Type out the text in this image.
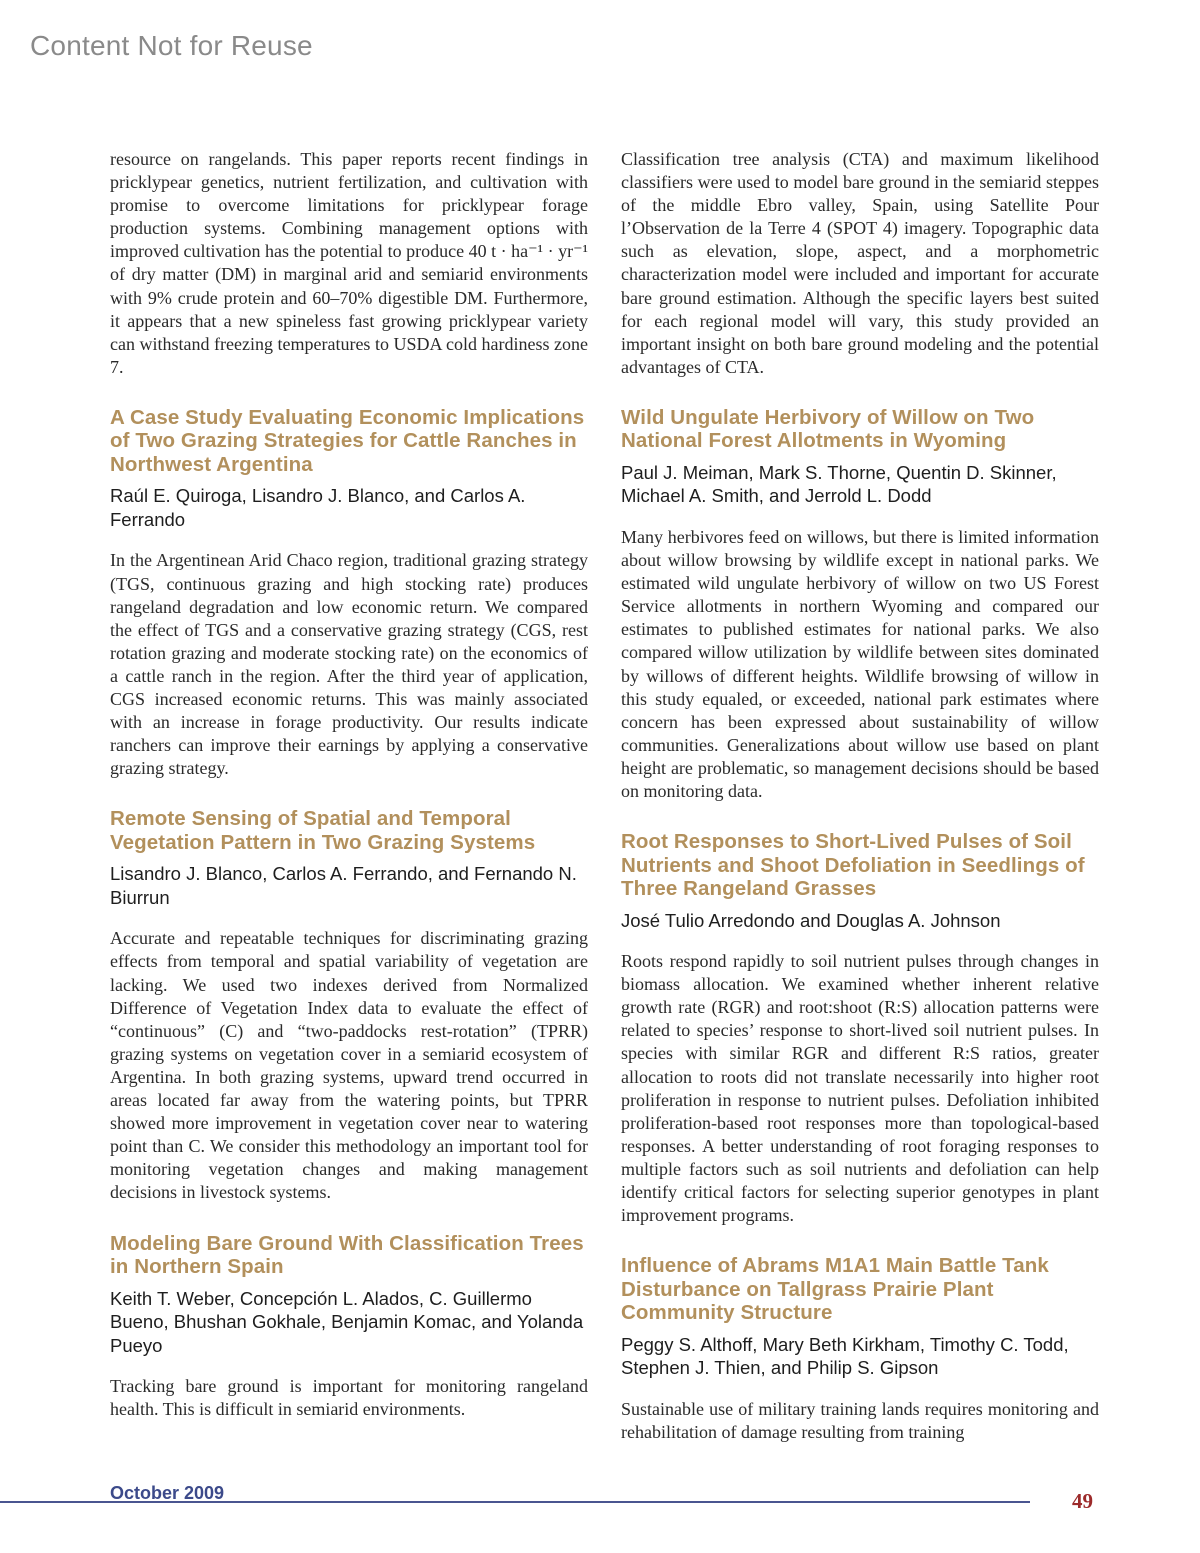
Content Not for Reuse

resource on rangelands. This paper reports recent findings in pricklypear genetics, nutrient fertilization, and cultivation with promise to overcome limitations for pricklypear forage production systems. Combining management options with improved cultivation has the potential to produce 40 t · ha⁻¹ · yr⁻¹ of dry matter (DM) in marginal arid and semiarid environments with 9% crude protein and 60–70% digestible DM. Furthermore, it appears that a new spineless fast growing pricklypear variety can withstand freezing temperatures to USDA cold hardiness zone 7.

A Case Study Evaluating Economic Implications of Two Grazing Strategies for Cattle Ranches in Northwest Argentina
Raúl E. Quiroga, Lisandro J. Blanco, and Carlos A. Ferrando

In the Argentinean Arid Chaco region, traditional grazing strategy (TGS, continuous grazing and high stocking rate) produces rangeland degradation and low economic return. We compared the effect of TGS and a conservative grazing strategy (CGS, rest rotation grazing and moderate stocking rate) on the economics of a cattle ranch in the region. After the third year of application, CGS increased economic returns. This was mainly associated with an increase in forage productivity. Our results indicate ranchers can improve their earnings by applying a conservative grazing strategy.

Remote Sensing of Spatial and Temporal Vegetation Pattern in Two Grazing Systems
Lisandro J. Blanco, Carlos A. Ferrando, and Fernando N. Biurrun

Accurate and repeatable techniques for discriminating grazing effects from temporal and spatial variability of vegetation are lacking. We used two indexes derived from Normalized Difference of Vegetation Index data to evaluate the effect of “continuous” (C) and “two-paddocks rest-rotation” (TPRR) grazing systems on vegetation cover in a semiarid ecosystem of Argentina. In both grazing systems, upward trend occurred in areas located far away from the watering points, but TPRR showed more improvement in vegetation cover near to watering point than C. We consider this methodology an important tool for monitoring vegetation changes and making management decisions in livestock systems.

Modeling Bare Ground With Classification Trees in Northern Spain
Keith T. Weber, Concepción L. Alados, C. Guillermo Bueno, Bhushan Gokhale, Benjamin Komac, and Yolanda Pueyo

Tracking bare ground is important for monitoring rangeland health. This is difficult in semiarid environments.

Classification tree analysis (CTA) and maximum likelihood classifiers were used to model bare ground in the semiarid steppes of the middle Ebro valley, Spain, using Satellite Pour l’Observation de la Terre 4 (SPOT 4) imagery. Topographic data such as elevation, slope, aspect, and a morphometric characterization model were included and important for accurate bare ground estimation. Although the specific layers best suited for each regional model will vary, this study provided an important insight on both bare ground modeling and the potential advantages of CTA.

Wild Ungulate Herbivory of Willow on Two National Forest Allotments in Wyoming
Paul J. Meiman, Mark S. Thorne, Quentin D. Skinner, Michael A. Smith, and Jerrold L. Dodd

Many herbivores feed on willows, but there is limited information about willow browsing by wildlife except in national parks. We estimated wild ungulate herbivory of willow on two US Forest Service allotments in northern Wyoming and compared our estimates to published estimates for national parks. We also compared willow utilization by wildlife between sites dominated by willows of different heights. Wildlife browsing of willow in this study equaled, or exceeded, national park estimates where concern has been expressed about sustainability of willow communities. Generalizations about willow use based on plant height are problematic, so management decisions should be based on monitoring data.

Root Responses to Short-Lived Pulses of Soil Nutrients and Shoot Defoliation in Seedlings of Three Rangeland Grasses
José Tulio Arredondo and Douglas A. Johnson

Roots respond rapidly to soil nutrient pulses through changes in biomass allocation. We examined whether inherent relative growth rate (RGR) and root:shoot (R:S) allocation patterns were related to species’ response to short-lived soil nutrient pulses. In species with similar RGR and different R:S ratios, greater allocation to roots did not translate necessarily into higher root proliferation in response to nutrient pulses. Defoliation inhibited proliferation-based root responses more than topological-based responses. A better understanding of root foraging responses to multiple factors such as soil nutrients and defoliation can help identify critical factors for selecting superior genotypes in plant improvement programs.

Influence of Abrams M1A1 Main Battle Tank Disturbance on Tallgrass Prairie Plant Community Structure
Peggy S. Althoff, Mary Beth Kirkham, Timothy C. Todd, Stephen J. Thien, and Philip S. Gipson

Sustainable use of military training lands requires monitoring and rehabilitation of damage resulting from training

October 2009	49
